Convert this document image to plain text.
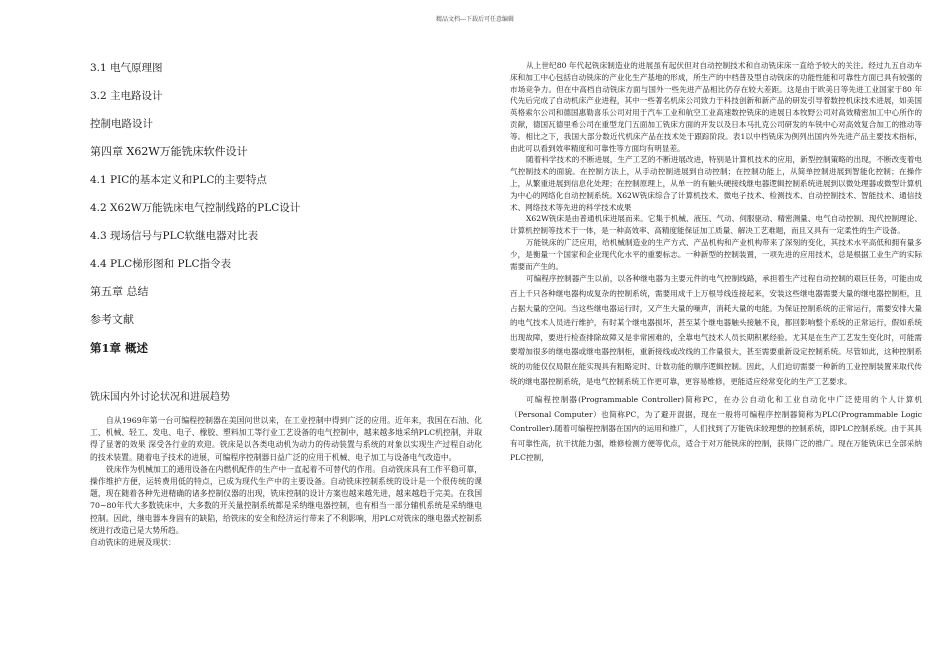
精品文档---下载后可任意编辑
3.1 电气原理图
3.2 主电路设计
控制电路设计
第四章 X62W万能铣床软件设计
4.1 PIC的基本定义和PLC的主要特点
4.2 X62W万能铣床电气控制线路的PLC设计
4.3 现场信号与PLC软继电器对比表
4.4 PLC梯形图和 PLC指令表
第五章 总结
参考文献
第1章 概述
铣床国内外讨论状况和进展趋势

自从1969年第一台可编程控制器在美国问世以来，在工业控制中得到广泛的应用。近年来，我国在石油、化工、机械、轻工、发电、电子、橡胶、塑料加工等行业工艺设备的电气控制中，越来越多地采纳PLC机控制，并取得了显著的效果 深受各行业的欢迎。铣床是以各类电动机为动力的传动装置与系统的对象以实现生产过程自动化的技术装置。随着电子技术的进展，可编程序控制器日益广泛的应用于机械、电子加工与设备电气改造中。

铣床作为机械加工的通用设备在内燃机配件的生产中一直起着不可替代的作用。自动铣床具有工作平稳可靠，操作维护方便，运转费用低的特点，已成为现代生产中的主要设备。自动铣床控制系统的设计是一个很传统的课题，现在随着各种先进精确的诸多控制仪器的出现，铣床控制的设计方案也越来越先进，越来越趋于完美。在我国70~80年代大多数铣床中，大多数的开关量控制系统都是采纳继电器控制，也有相当一部分辅机系统是采纳继电控制。因此，继电器本身固有的缺陷，给铣床的安全和经济运行带来了不利影响，用PLC对铣床的继电器式控制系统进行改造已是大势所趋。

自动铣床的进展及现状：

从上世纪80 年代起铣床制造业的进展虽有起伏但对自动控制技术和自动铣床床一直给予较大的关注。经过九五自动车床和加工中心包括自动铣床的产业化生产基地的形成，所生产的中档普及型自动铣床的功能性能和可靠性方面已具有较强的市场竞争力。但在中高档自动铣床方面与国外一些先进产品相比仍存在较大差距。这是由于欧美日等先进工业国家于80 年代先后完成了自动机床产业进程，其中一些著名机床公司致力于科技创新和新产品的研发引导着数控机床技术进展，如美国英格索尔公司和德国惠勒喜乐公司对用于汽车工业和航空工业高速数控铣床的进展日本牧野公司对高效精密加工中心所作的贡献，德国瓦德里希公司在重型龙门五面加工铣床方面的开发以及日本马扎克公司研发的车铣中心对高效复合加工的推动等等。相比之下，我国大部分数近代机床产品在技术处于跟踪阶段。表1以中档铣床为例列出国内外先进产品主要技术指标，由此可以看到效率精度和可靠性等方面均有明显差。

随着科学技术的不断进展，生产工艺的不断进展改进，特别是计算机技术的应用，新型控制策略的出现，不断改变着电气控制技术的面貌。在控制方法上，从手动控制进展到自动控制；在控制功能上，从简单控制进展到智能化控制；在操作上，从繁重进展到信息化处理；在控制原理上，从单一的有触头硬接线继电器逻辑控制系统进展到以微处理器或微型计算机为中心的网络化自动控制系统。X62W铣床综合了计算机技术、微电子技术、检测技术、自动控制技术、智能技术、通信技术、网络技术等先进的科学技术成果

X62W铣床是由普通机床进展而来。它集于机械、液压、气动、伺服驱动、精密测量、电气自动控制、现代控制理论、计算机控制等技术于一体，是一种高效率、高精度能保证加工质量、解决工艺难题，而且又具有一定柔性的生产设备。

万能铣床的广泛应用，给机械制造业的生产方式、产品机构和产业机构带来了深刻的变化，其技术水平高低和拥有量多少，是衡量一个国家和企业现代化水平的重要标志。一种新型的控制装置，一项先进的应用技术，总是根据工业生产的实际需要而产生的。

可编程序控制器产生以前，以各种继电器为主要元件的电气控制线路，承担着生产过程自动控制的艰巨任务，可能由成百上千只各种继电器构成复杂的控制系统，需要用成千上万根导线连接起来，安装这些继电器需要大量的继电器控制柜，且占据大量的空间。当这些继电器运行时，又产生大量的噪声，消耗大量的电能。为保证控制系统的正常运行，需要安排大量的电气技术人员进行维护，有时某个继电器损坏，甚至某个继电器触头接触不良，都回影响整个系统的正常运行，假如系统出现故障，要进行检查排除故障又是非常困难的，全靠电气技术人员长期积累经验。尤其是在生产工艺发生变化时，可能需要增加很多的继电器或继电器控制柜，重新接线或改线的工作量很大，甚至需要重新设定控制系统。尽管如此，这种控制系统的功能仅仅局限在能实现具有粗略定时、计数功能的顺序逻辑控制。因此，人们迫切需要一种新的工业控制装置来取代传统的继电器控制系统，是电气控制系统工作更可靠，更容易维修，更能适应经常变化的生产工艺要求。

可编程控制器(Programmable Controller)简称PC，在办公自动化和工业自动化中广泛使用的个人计算机（Personal Computer）也简称PC，为了避开混据，现在一般将可编程序控制器简称为PLC(Programmable Logic Controller).随着可编程控制器在国内的运用和推广，人们找到了万能铣床较理想的控制系统，即PLC控制系统。由于其具有可靠性高，抗干扰能力强，维修检测方便等优点，适合于对万能铣床的控制，获得广泛的推广。现在万能铣床已全部采纳PLC控制，
